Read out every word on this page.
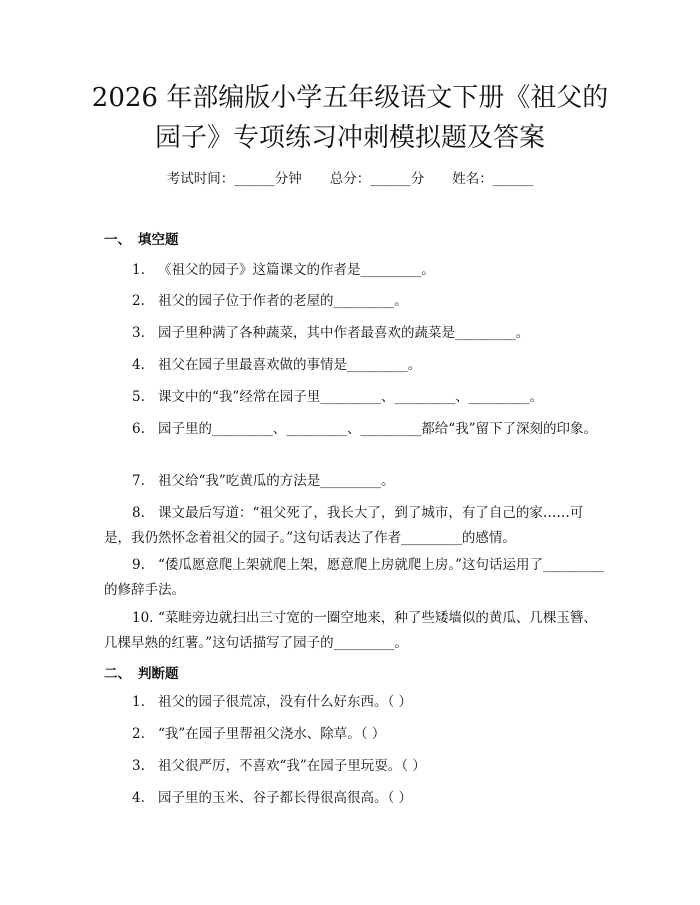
2026 年部编版小学五年级语文下册《祖父的
园子》专项练习冲刺模拟题及答案
考试时间：______分钟 总分：______分 姓名：______
一、 填空题
1. 《祖父的园子》这篇课文的作者是_________。
2. 祖父的园子位于作者的老屋的_________。
3. 园子里种满了各种蔬菜，其中作者最喜欢的蔬菜是_________。
4. 祖父在园子里最喜欢做的事情是_________。
5. 课文中的“我”经常在园子里_________、_________、_________。
6. 园子里的_________、_________、_________都给“我”留下了深刻的印象。
7. 祖父给“我”吃黄瓜的方法是_________。
8. 课文最后写道：“祖父死了，我长大了，到了城市，有了自己的家……可是，我仍然怀念着祖父的园子。”这句话表达了作者_________的感情。
9. “倭瓜愿意爬上架就爬上架，愿意爬上房就爬上房。”这句话运用了_________的修辞手法。
10. “菜畦旁边就扫出三寸宽的一圈空地来，种了些矮墙似的黄瓜、几棵玉簪、几棵早熟的红薯。”这句话描写了园子的_________。
二、 判断题
1. 祖父的园子很荒凉，没有什么好东西。（ ）
2. “我”在园子里帮祖父浇水、除草。（ ）
3. 祖父很严厉，不喜欢“我”在园子里玩耍。（ ）
4. 园子里的玉米、谷子都长得很高很高。（ ）
